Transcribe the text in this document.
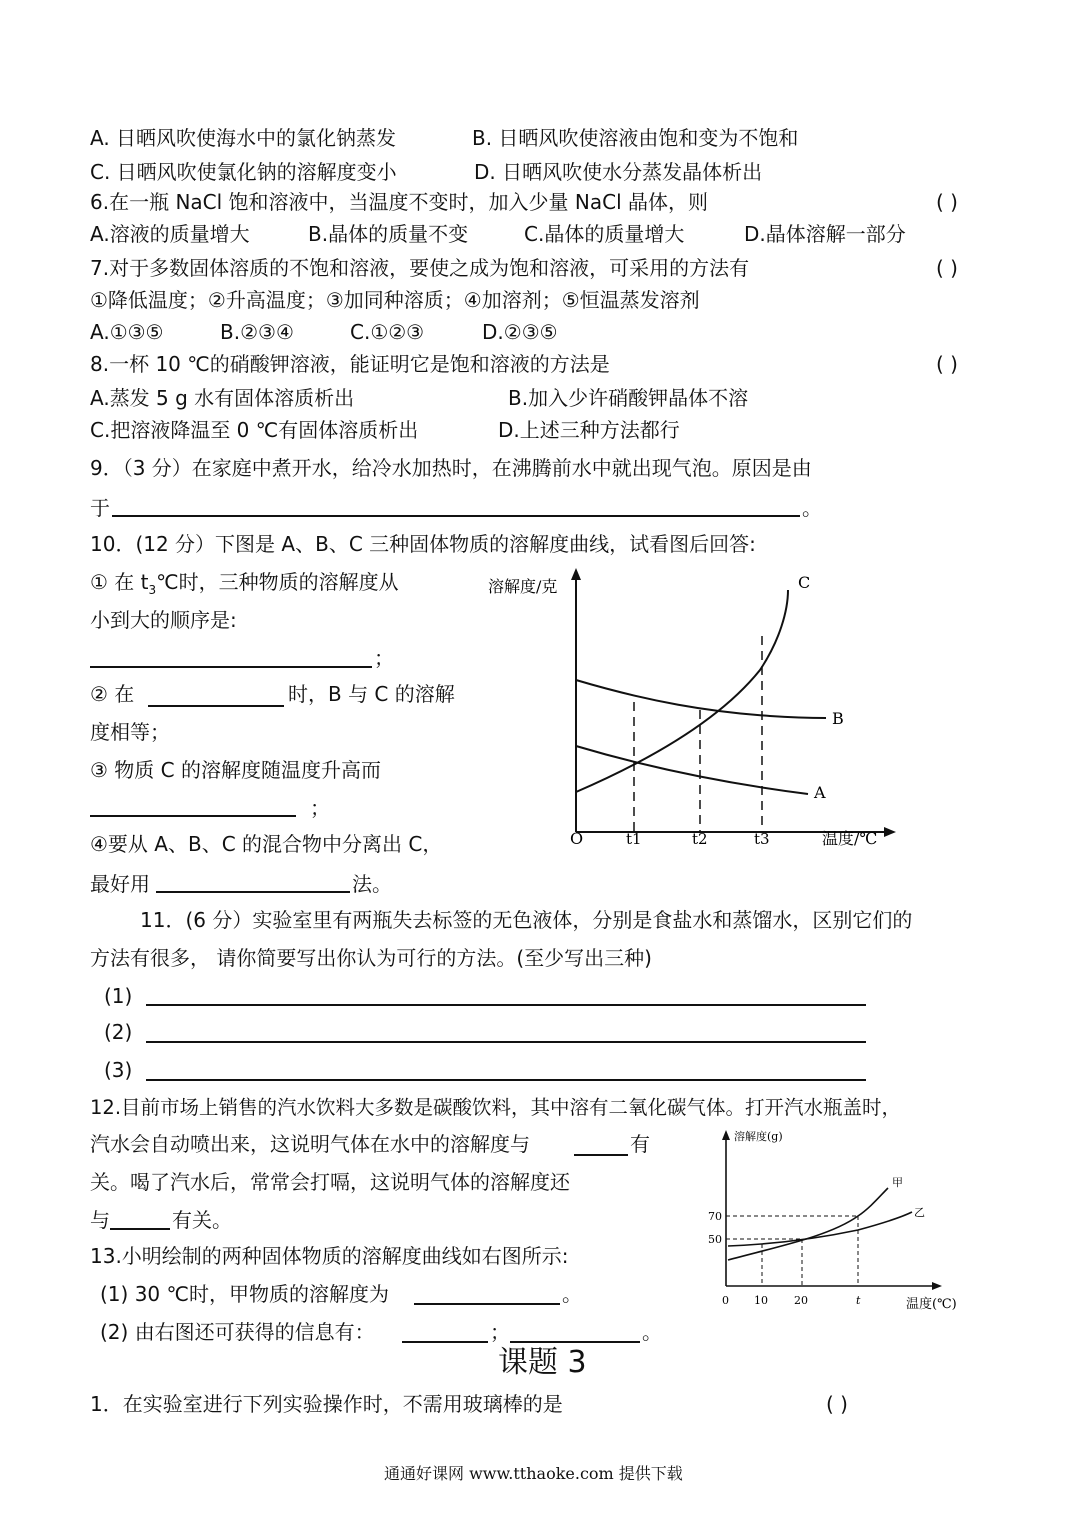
A. 日晒风吹使海水中的氯化钠蒸发	B. 日晒风吹使溶液由饱和变为不饱和
C. 日晒风吹使氯化钠的溶解度变小	D. 日晒风吹使水分蒸发晶体析出
6.在一瓶 NaCl 饱和溶液中，当温度不变时，加入少量 NaCl 晶体，则	( )
A.溶液的质量增大	B.晶体的质量不变	C.晶体的质量增大	D.晶体溶解一部分
7.对于多数固体溶质的不饱和溶液，要使之成为饱和溶液，可采用的方法有	( )
①降低温度；②升高温度；③加同种溶质；④加溶剂；⑤恒温蒸发溶剂
A.①③⑤	B.②③④	C.①②③	D.②③⑤
8.一杯 10 ℃的硝酸钾溶液，能证明它是饱和溶液的方法是	( )
A.蒸发 5 g 水有固体溶质析出	B.加入少许硝酸钾晶体不溶
C.把溶液降温至 0 ℃有固体溶质析出	D.上述三种方法都行
9．（3 分）在家庭中煮开水，给冷水加热时，在沸腾前水中就出现气泡。原因是由
于	。
10．(12 分）下图是 A、B、C 三种固体物质的溶解度曲线，试看图后回答:
① 在 $t_3℃$时，三种物质的溶解度从
小到大的顺序是:
；
② 在	时，B 与 C 的溶解
度相等；
③ 物质 C 的溶解度随温度升高而
；
④要从 A、B、C 的混合物中分离出 C，
最好用	法。
溶解度/克
温度/℃
O	t1	t2	t3
A
B
C
11．(6 分）实验室里有两瓶失去标签的无色液体，分别是食盐水和蒸馏水，区别它们的
方法有很多， 请你简要写出你认为可行的方法。(至少写出三种)
(1)
(2)
(3)
12.目前市场上销售的汽水饮料大多数是碳酸饮料，其中溶有二氧化碳气体。打开汽水瓶盖时，
汽水会自动喷出来，这说明气体在水中的溶解度与	有
关。喝了汽水后，常常会打嗝，这说明气体的溶解度还
与	有关。
13.小明绘制的两种固体物质的溶解度曲线如右图所示:
(1) 30 ℃时，甲物质的溶解度为	。
(2) 由右图还可获得的信息有：	；	。
溶解度(g)
温度(℃)
70
50
0 10 20	t
甲
乙
课题 3
1．在实验室进行下列实验操作时，不需用玻璃棒的是	( )
通通好课网 www.tthaoke.com 提供下载
